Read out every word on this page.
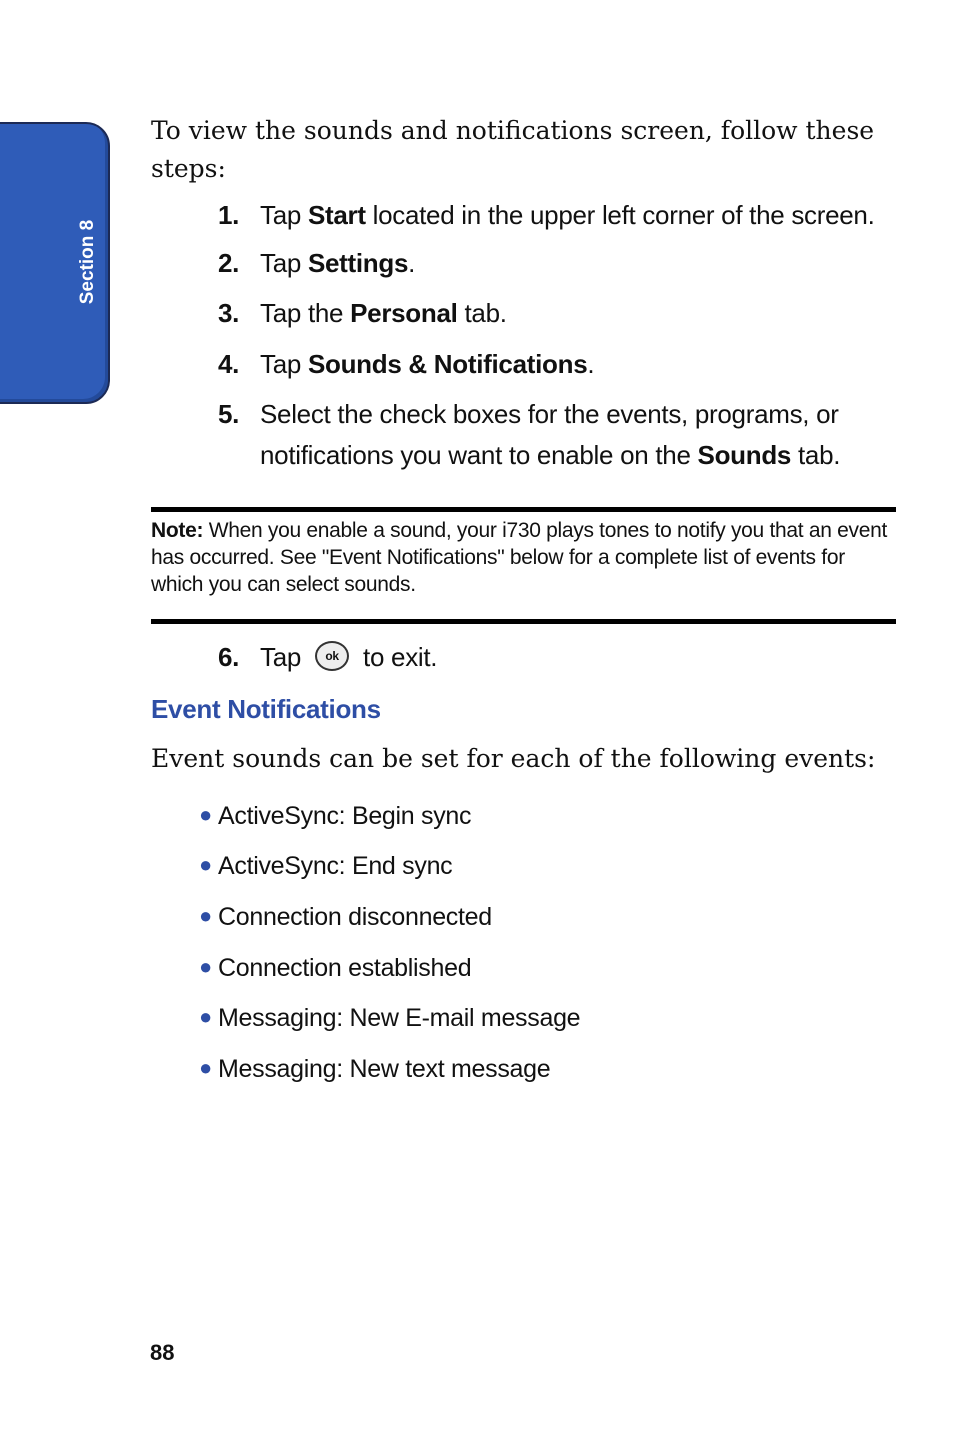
Section 8
To view the sounds and notifications screen, follow these steps:
1. Tap Start located in the upper left corner of the screen.
2. Tap Settings.
3. Tap the Personal tab.
4. Tap Sounds & Notifications.
5. Select the check boxes for the events, programs, or
notifications you want to enable on the Sounds tab.
Note: When you enable a sound, your i730 plays tones to notify you that an event has occurred. See "Event Notifications" below for a complete list of events for which you can select sounds.
6. Tap ok to exit.
Event Notifications
Event sounds can be set for each of the following events:
● ActiveSync: Begin sync
● ActiveSync: End sync
● Connection disconnected
● Connection established
● Messaging: New E-mail message
● Messaging: New text message
88
